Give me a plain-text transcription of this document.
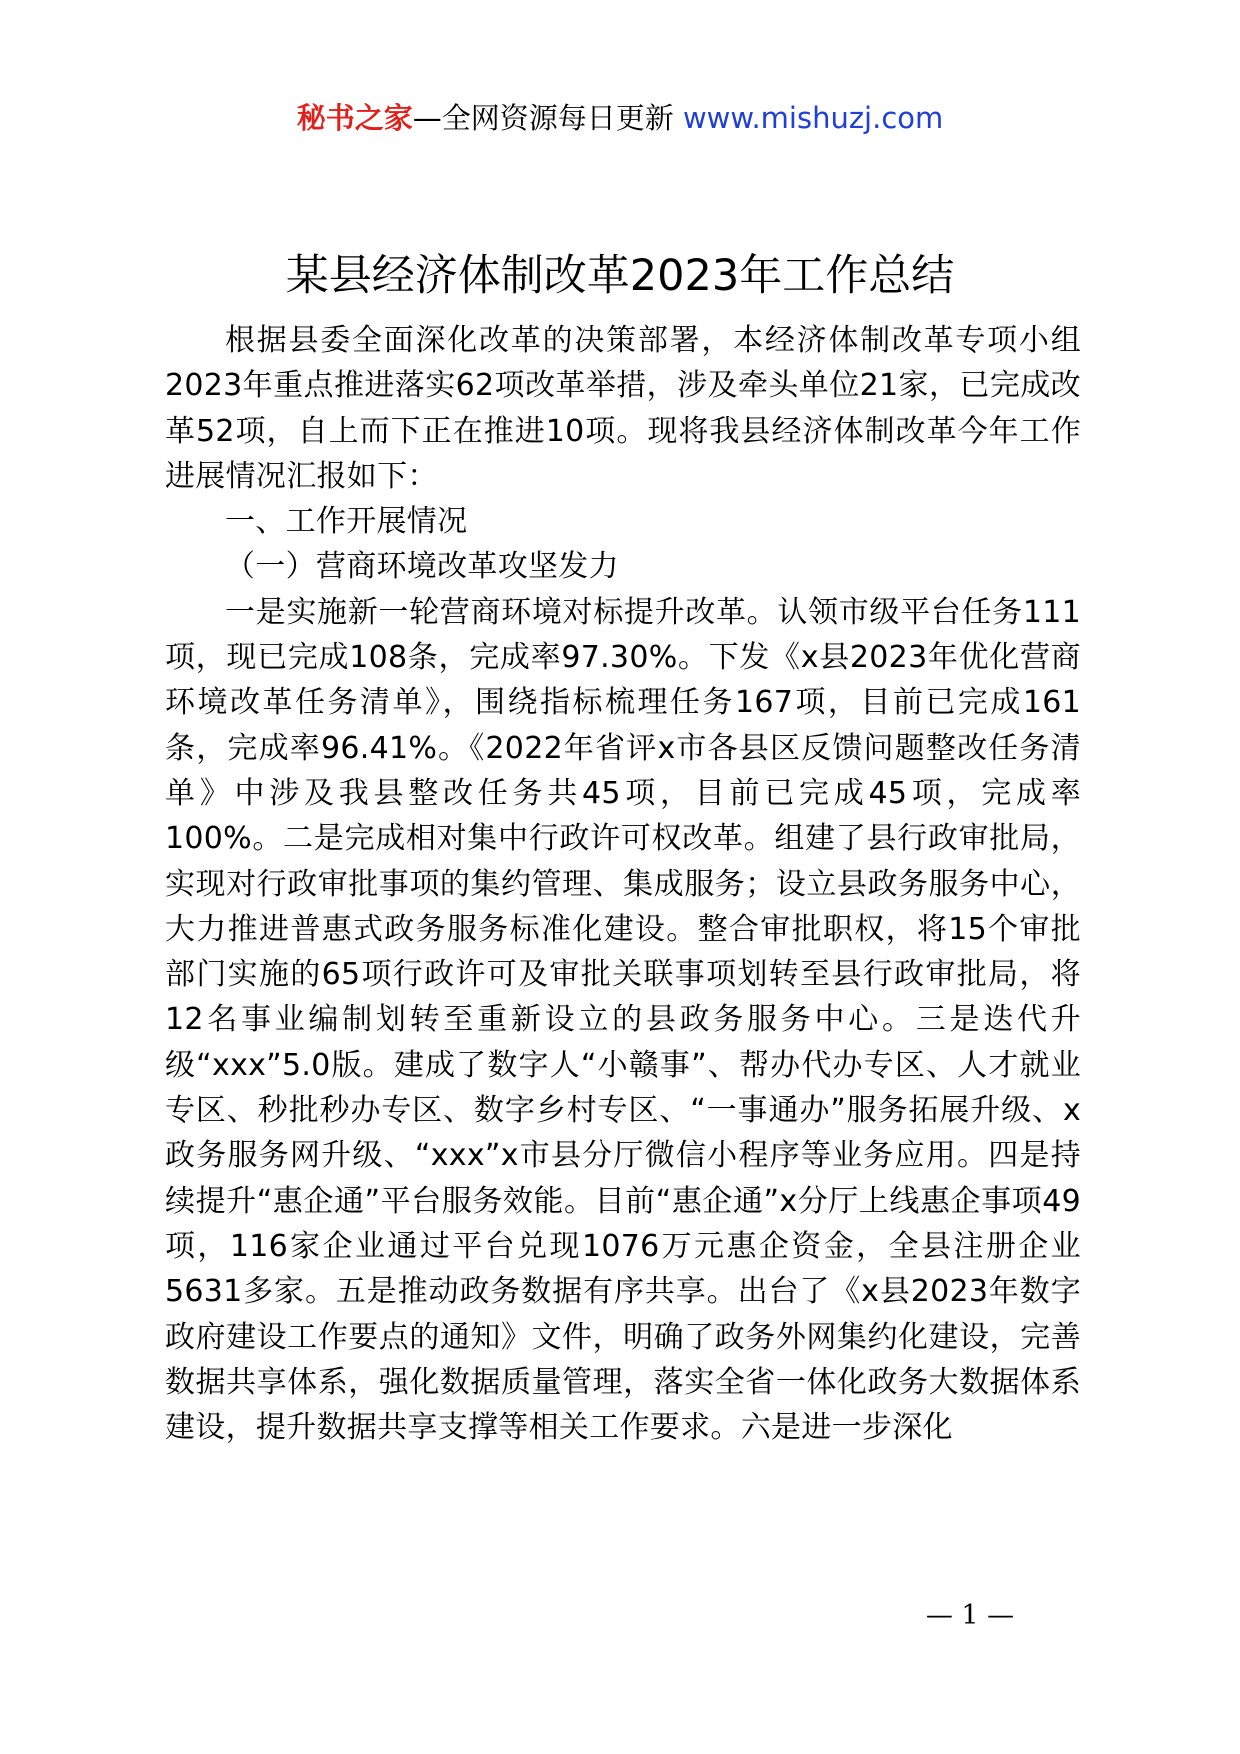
秘书之家—全网资源每日更新 www.mishuzj.com
某县经济体制改革2023年工作总结

根据县委全面深化改革的决策部署，本经济体制改革专项小组2023年重点推进落实62项改革举措，涉及牵头单位21家，已完成改革52项，自上而下正在推进10项。现将我县经济体制改革今年工作进展情况汇报如下：

一、工作开展情况

（一）营商环境改革攻坚发力

一是实施新一轮营商环境对标提升改革。认领市级平台任务111项，现已完成108条，完成率97.30%。下发《x县2023年优化营商环境改革任务清单》，围绕指标梳理任务167项，目前已完成161条，完成率96.41%。《2022年省评x市各县区反馈问题整改任务清单》中涉及我县整改任务共45项，目前已完成45项，完成率100%。二是完成相对集中行政许可权改革。组建了县行政审批局，实现对行政审批事项的集约管理、集成服务；设立县政务服务中心，大力推进普惠式政务服务标准化建设。整合审批职权，将15个审批部门实施的65项行政许可及审批关联事项划转至县行政审批局，将12名事业编制划转至重新设立的县政务服务中心。三是迭代升级“xxx”5.0版。建成了数字人“小赣事”、帮办代办专区、人才就业专区、秒批秒办专区、数字乡村专区、“一事通办”服务拓展升级、x政务服务网升级、“xxx”x市县分厅微信小程序等业务应用。四是持续提升“惠企通”平台服务效能。目前“惠企通”x分厅上线惠企事项49项，116家企业通过平台兑现1076万元惠企资金，全县注册企业5631多家。五是推动政务数据有序共享。出台了《x县2023年数字政府建设工作要点的通知》文件，明确了政务外网集约化建设，完善数据共享体系，强化数据质量管理，落实全省一体化政务大数据体系建设，提升数据共享支撑等相关工作要求。六是进一步深化

— 1 —
